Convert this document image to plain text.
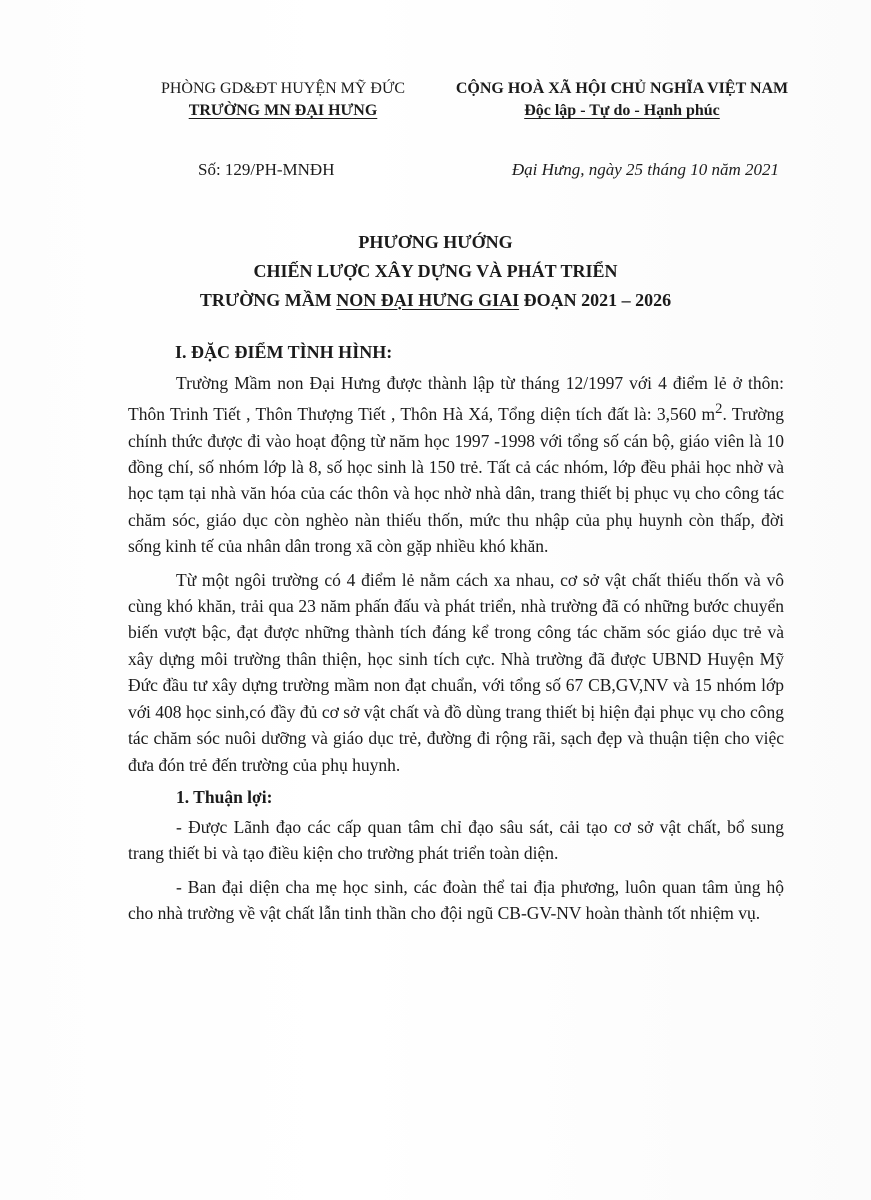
PHÒNG GD&ĐT HUYỆN MỸ ĐỨC
TRƯỜNG MN ĐẠI HƯNG
CỘNG HOÀ XÃ HỘI CHỦ NGHĨA VIỆT NAM
Độc lập - Tự do - Hạnh phúc
Số: 129/PH-MNĐH	Đại Hưng, ngày 25 tháng 10 năm 2021
PHƯƠNG HƯỚNG
CHIẾN LƯỢC XÂY DỰNG VÀ PHÁT TRIỂN
TRƯỜNG MẦM NON ĐẠI HƯNG GIAI ĐOẠN 2021 – 2026
I. ĐẶC ĐIỂM TÌNH HÌNH:

Trường Mầm non Đại Hưng được thành lập từ tháng 12/1997 với 4 điểm lẻ ở thôn: Thôn Trinh Tiết , Thôn Thượng Tiết , Thôn Hà Xá, Tổng diện tích đất là: 3,560 $m^2$. Trường chính thức được đi vào hoạt động từ năm học 1997 -1998 với tổng số cán bộ, giáo viên là 10 đồng chí, số nhóm lớp là 8, số học sinh là 150 trẻ. Tất cả các nhóm, lớp đều phải học nhờ và học tạm tại nhà văn hóa của các thôn và học nhờ nhà dân, trang thiết bị phục vụ cho công tác chăm sóc, giáo dục còn nghèo nàn thiếu thốn, mức thu nhập của phụ huynh còn thấp, đời sống kinh tế của nhân dân trong xã còn gặp nhiều khó khăn.

Từ một ngôi trường có 4 điểm lẻ nằm cách xa nhau, cơ sở vật chất thiếu thốn và vô cùng khó khăn, trải qua 23 năm phấn đấu và phát triển, nhà trường đã có những bước chuyển biến vượt bậc, đạt được những thành tích đáng kể trong công tác chăm sóc giáo dục trẻ và xây dựng môi trường thân thiện, học sinh tích cực. Nhà trường đã được UBND Huyện Mỹ Đức đầu tư xây dựng trường mầm non đạt chuẩn, với tổng số 67 CB,GV,NV và 15 nhóm lớp với 408 học sinh,có đầy đủ cơ sở vật chất và đồ dùng trang thiết bị hiện đại phục vụ cho công tác chăm sóc nuôi dưỡng và giáo dục trẻ, đường đi rộng rãi, sạch đẹp và thuận tiện cho việc đưa đón trẻ đến trường của phụ huynh.

1. Thuận lợi:

- Được Lãnh đạo các cấp quan tâm chỉ đạo sâu sát, cải tạo cơ sở vật chất, bổ sung trang thiết bi và tạo điều kiện cho trường phát triển toàn diện.

- Ban đại diện cha mẹ học sinh, các đoàn thể tai địa phương, luôn quan tâm ủng hộ cho nhà trường về vật chất lẫn tinh thần cho đội ngũ CB-GV-NV hoàn thành tốt nhiệm vụ.
